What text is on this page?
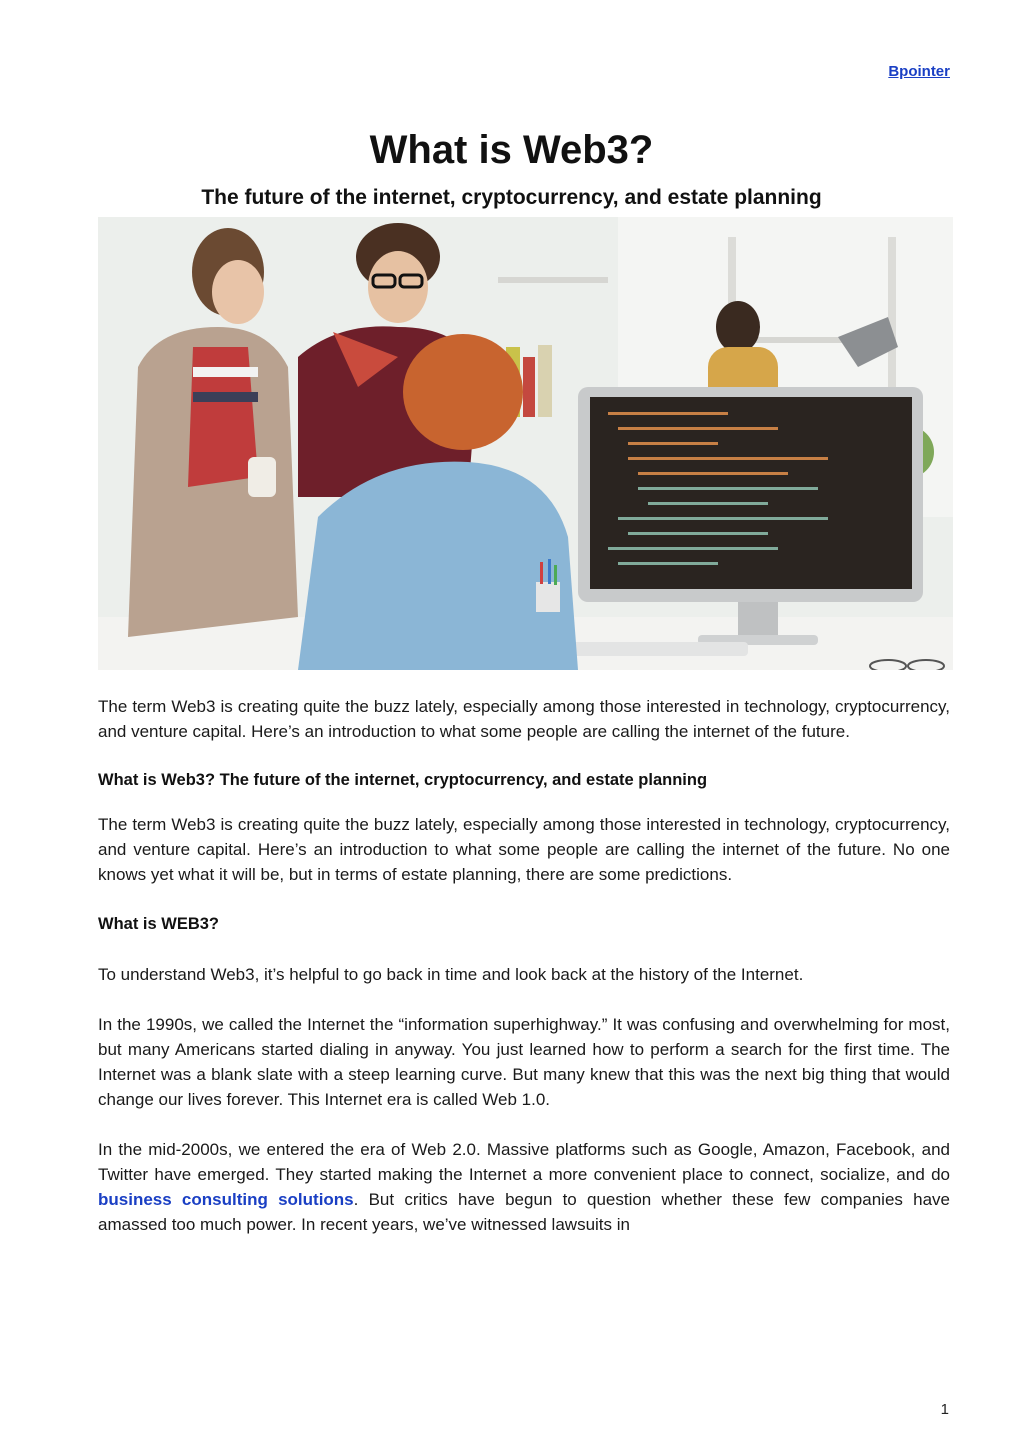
Bpointer
What is Web3?
The future of the internet, cryptocurrency, and estate planning

The term Web3 is creating quite the buzz lately, especially among those interested in technology, cryptocurrency, and venture capital. Here’s an introduction to what some people are calling the internet of the future.

What is Web3? The future of the internet, cryptocurrency, and estate planning

The term Web3 is creating quite the buzz lately, especially among those interested in technology, cryptocurrency, and venture capital. Here’s an introduction to what some people are calling the internet of the future. No one knows yet what it will be, but in terms of estate planning, there are some predictions.

What is WEB3?

To understand Web3, it’s helpful to go back in time and look back at the history of the Internet.

In the 1990s, we called the Internet the “information superhighway.” It was confusing and overwhelming for most, but many Americans started dialing in anyway. You just learned how to perform a search for the first time. The Internet was a blank slate with a steep learning curve. But many knew that this was the next big thing that would change our lives forever. This Internet era is called Web 1.0.

In the mid-2000s, we entered the era of Web 2.0. Massive platforms such as Google, Amazon, Facebook, and Twitter have emerged. They started making the Internet a more convenient place to connect, socialize, and do business consulting solutions. But critics have begun to question whether these few companies have amassed too much power. In recent years, we’ve witnessed lawsuits in

1
